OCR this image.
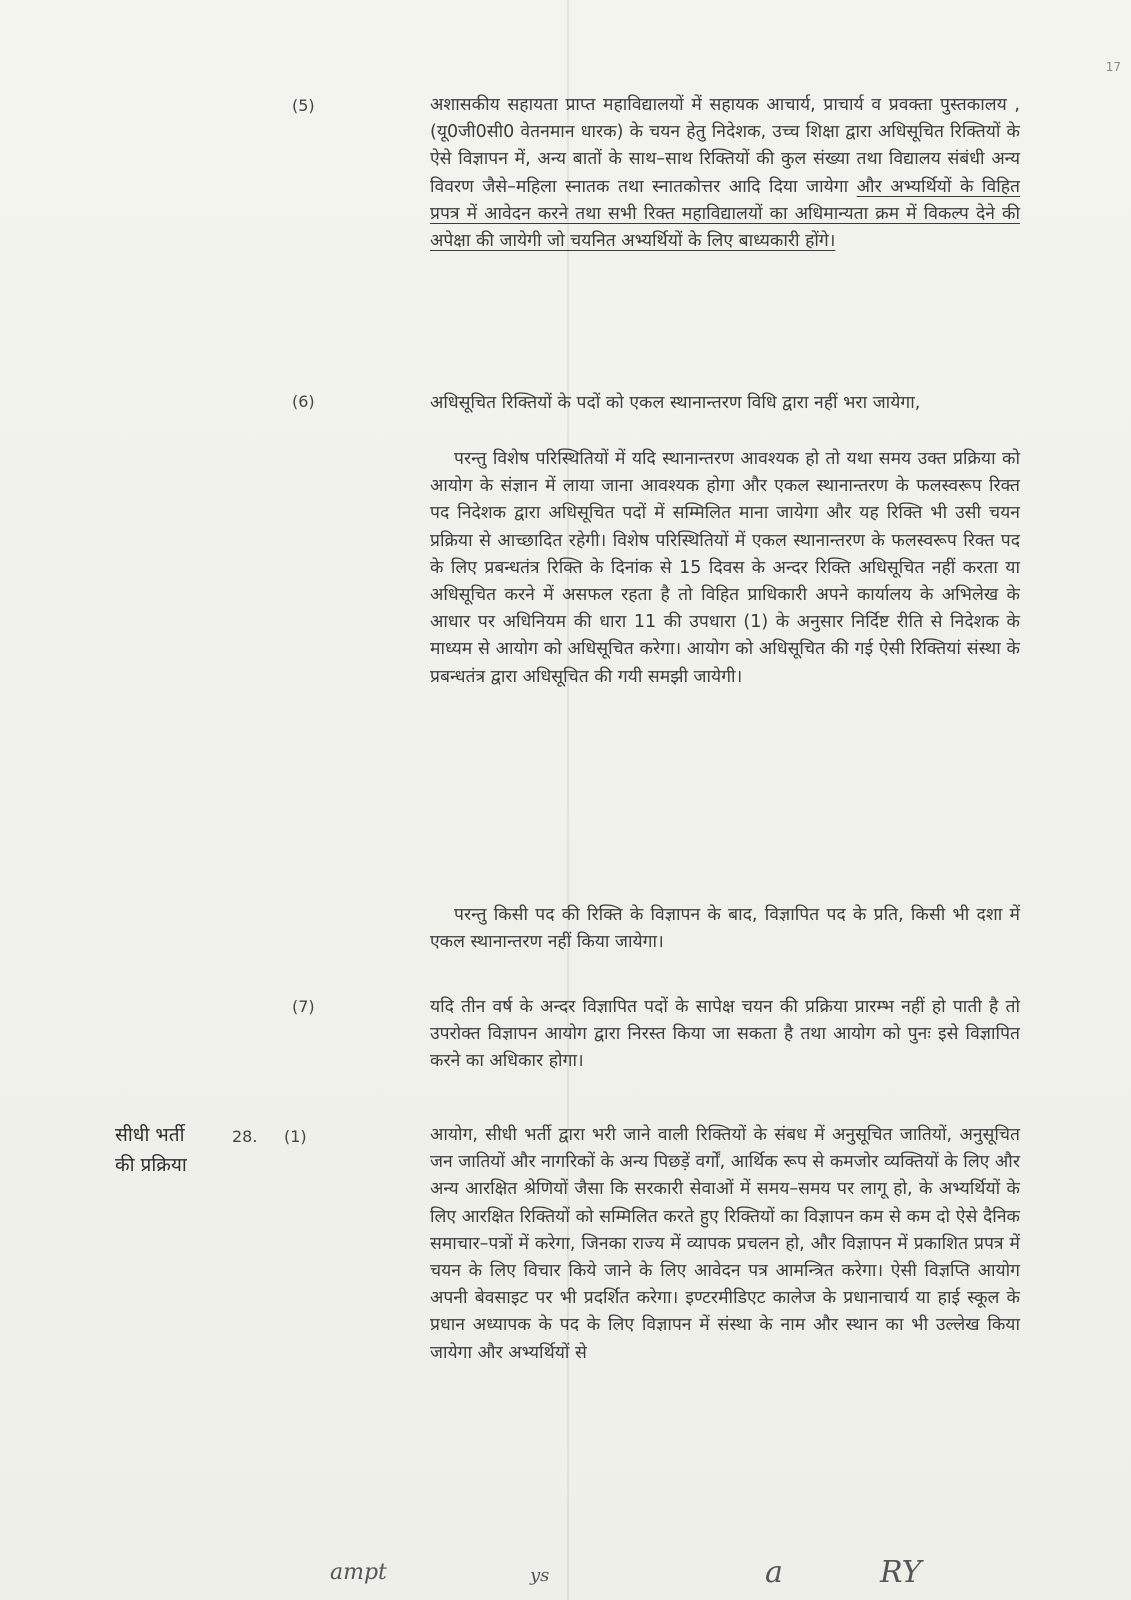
17
(5)	अशासकीय सहायता प्राप्त महाविद्यालयों में सहायक आचार्य, प्राचार्य व प्रवक्ता पुस्तकालय ,(यू0जी0सी0 वेतनमान धारक) के चयन हेतु निदेशक, उच्च शिक्षा द्वारा अधिसूचित रिक्तियों के ऐसे विज्ञापन में, अन्य बातों के साथ–साथ रिक्तियों की कुल संख्या तथा विद्यालय संबंधी अन्य विवरण जैसे–महिला स्नातक तथा स्नातकोत्तर आदि दिया जायेगा और अभ्यर्थियों के विहित प्रपत्र में आवेदन करने तथा सभी रिक्त महाविद्यालयों का अधिमान्यता क्रम में विकल्प देने की अपेक्षा की जायेगी जो चयनित अभ्यर्थियों के लिए बाध्यकारी होंगे।

(6)	अधिसूचित रिक्तियों के पदों को एकल स्थानान्तरण विधि द्वारा नहीं भरा जायेगा,

परन्तु विशेष परिस्थितियों में यदि स्थानान्तरण आवश्यक हो तो यथा समय उक्त प्रक्रिया को आयोग के संज्ञान में लाया जाना आवश्यक होगा और एकल स्थानान्तरण के फलस्वरूप रिक्त पद निदेशक द्वारा अधिसूचित पदों में सम्मिलित माना जायेगा और यह रिक्ति भी उसी चयन प्रक्रिया से आच्छादित रहेगी। विशेष परिस्थितियों में एकल स्थानान्तरण के फलस्वरूप रिक्त पद के लिए प्रबन्धतंत्र रिक्ति के दिनांक से 15 दिवस के अन्दर रिक्ति अधिसूचित नहीं करता या अधिसूचित करने में असफल रहता है तो विहित प्राधिकारी अपने कार्यालय के अभिलेख के आधार पर अधिनियम की धारा 11 की उपधारा (1) के अनुसार निर्दिष्ट रीति से निदेशक के माध्यम से आयोग को अधिसूचित करेगा। आयोग को अधिसूचित की गई ऐसी रिक्तियां संस्था के प्रबन्धतंत्र द्वारा अधिसूचित की गयी समझी जायेगी।

परन्तु किसी पद की रिक्ति के विज्ञापन के बाद, विज्ञापित पद के प्रति, किसी भी दशा में एकल स्थानान्तरण नहीं किया जायेगा।

(7)	यदि तीन वर्ष के अन्दर विज्ञापित पदों के सापेक्ष चयन की प्रक्रिया प्रारम्भ नहीं हो पाती है तो उपरोक्त विज्ञापन आयोग द्वारा निरस्त किया जा सकता है तथा आयोग को पुनः इसे विज्ञापित करने का अधिकार होगा।

सीधी भर्ती की प्रक्रिया
28. (1)	आयोग, सीधी भर्ती द्वारा भरी जाने वाली रिक्तियों के संबध में अनुसूचित जातियों, अनुसूचित जन जातियों और नागरिकों के अन्य पिछड़ें वर्गों, आर्थिक रूप से कमजोर व्यक्तियों के लिए और अन्य आरक्षित श्रेणियों जैसा कि सरकारी सेवाओं में समय–समय पर लागू हो, के अभ्यर्थियों के लिए आरक्षित रिक्तियों को सम्मिलित करते हुए रिक्तियों का विज्ञापन कम से कम दो ऐसे दैनिक समाचार–पत्रों में करेगा, जिनका राज्य में व्यापक प्रचलन हो, और विज्ञापन में प्रकाशित प्रपत्र में चयन के लिए विचार किये जाने के लिए आवेदन पत्र आमन्त्रित करेगा। ऐसी विज्ञप्ति आयोग अपनी बेवसाइट पर भी प्रदर्शित करेगा। इण्टरमीडिएट कालेज के प्रधानाचार्य या हाई स्कूल के प्रधान अध्यापक के पद के लिए विज्ञापन में संस्था के नाम और स्थान का भी उल्लेख किया जायेगा और अभ्यर्थियों से

ampt	ys	a	RY
